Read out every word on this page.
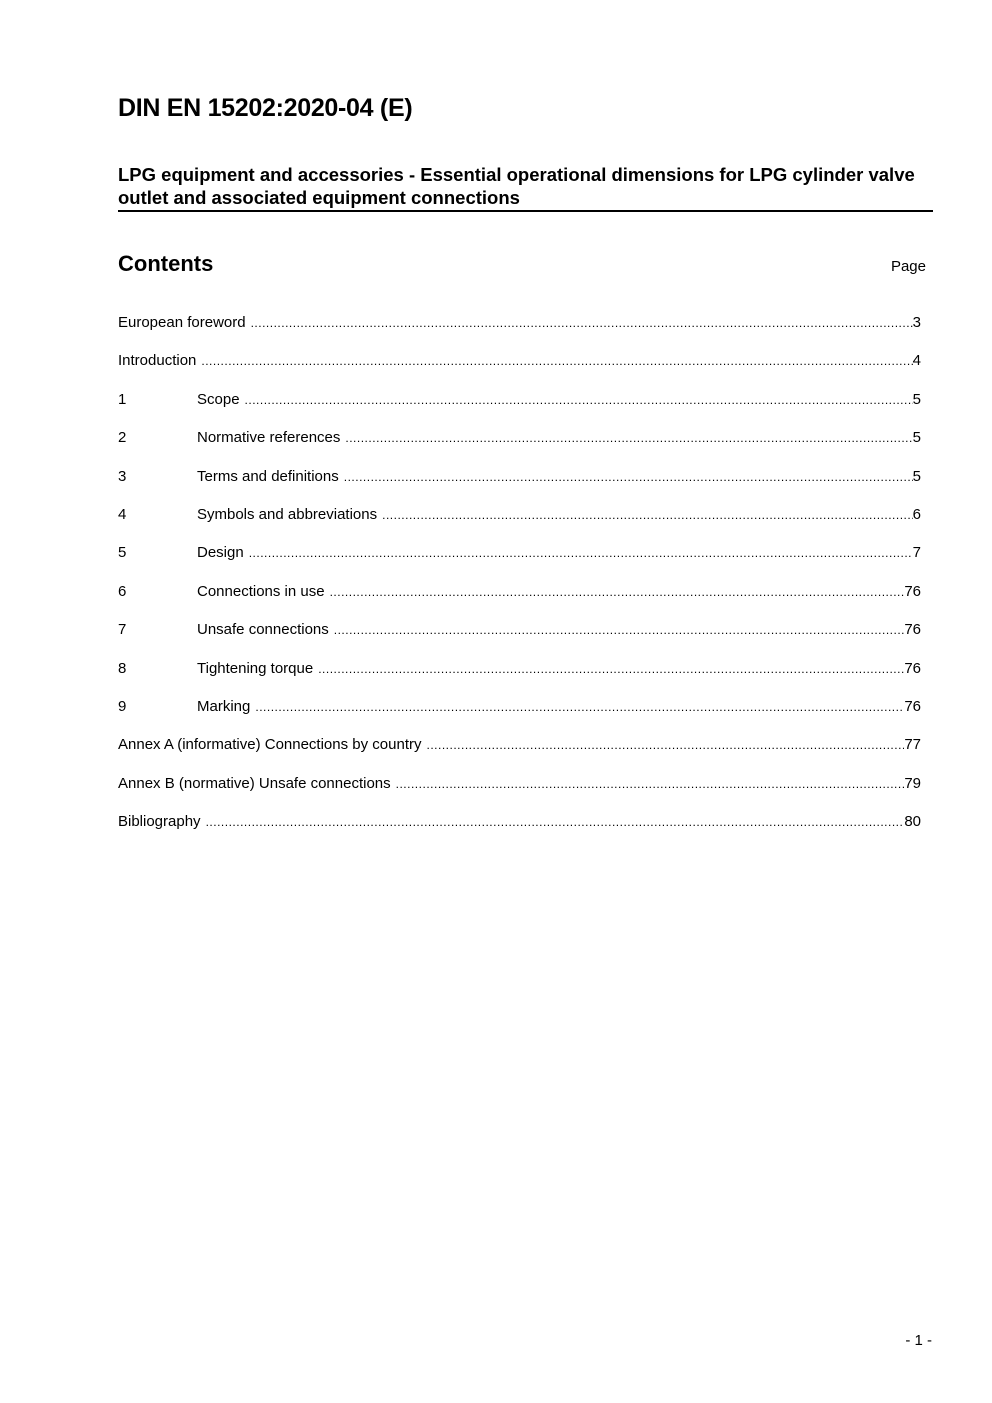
DIN EN 15202:2020-04 (E)
LPG equipment and accessories - Essential operational dimensions for LPG cylinder valve outlet and associated equipment connections
Contents	Page
European foreword .....	3
Introduction .....	4
1	Scope .....	5
2	Normative references .....	5
3	Terms and definitions .....	5
4	Symbols and abbreviations .....	6
5	Design .....	7
6	Connections in use .....	76
7	Unsafe connections .....	76
8	Tightening torque .....	76
9	Marking .....	76
Annex A (informative) Connections by country .....	77
Annex B (normative) Unsafe connections .....	79
Bibliography .....	80
- 1 -
